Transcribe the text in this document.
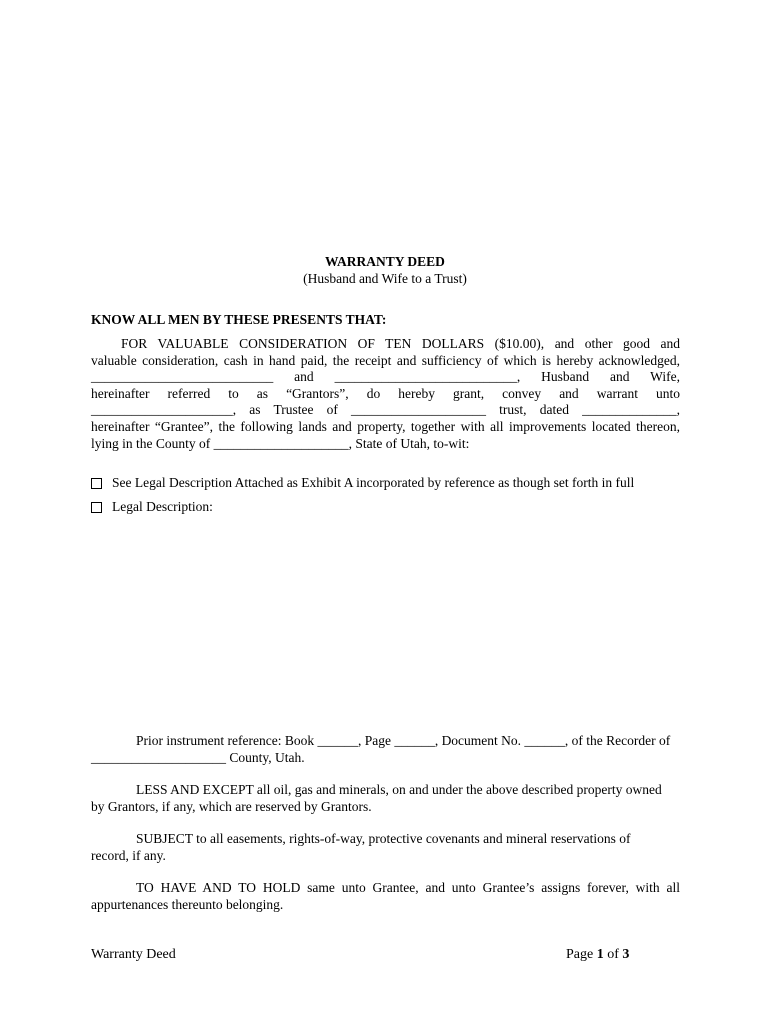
WARRANTY DEED
(Husband and Wife to a Trust)
KNOW ALL MEN BY THESE PRESENTS THAT:
FOR VALUABLE CONSIDERATION OF TEN DOLLARS ($10.00), and other good and
valuable consideration, cash in hand paid, the receipt and sufficiency of which is hereby acknowledged,
___________________________ and ___________________________, Husband and Wife,
hereinafter referred to as “Grantors”, do hereby grant, convey and warrant unto
_____________________, as Trustee of ____________________ trust, dated ______________,
hereinafter “Grantee”, the following lands and property, together with all improvements located thereon,
lying in the County of ____________________, State of Utah, to-wit:
See Legal Description Attached as Exhibit A incorporated by reference as though set forth in full
Legal Description:
Prior instrument reference: Book ______, Page ______, Document No. ______, of the Recorder of
____________________ County, Utah.
LESS AND EXCEPT all oil, gas and minerals, on and under the above described property owned
by Grantors, if any, which are reserved by Grantors.
SUBJECT to all easements, rights-of-way, protective covenants and mineral reservations of
record, if any.
TO HAVE AND TO HOLD same unto Grantee, and unto Grantee’s assigns forever, with all
appurtenances thereunto belonging.
Warranty Deed	Page 1 of 3
